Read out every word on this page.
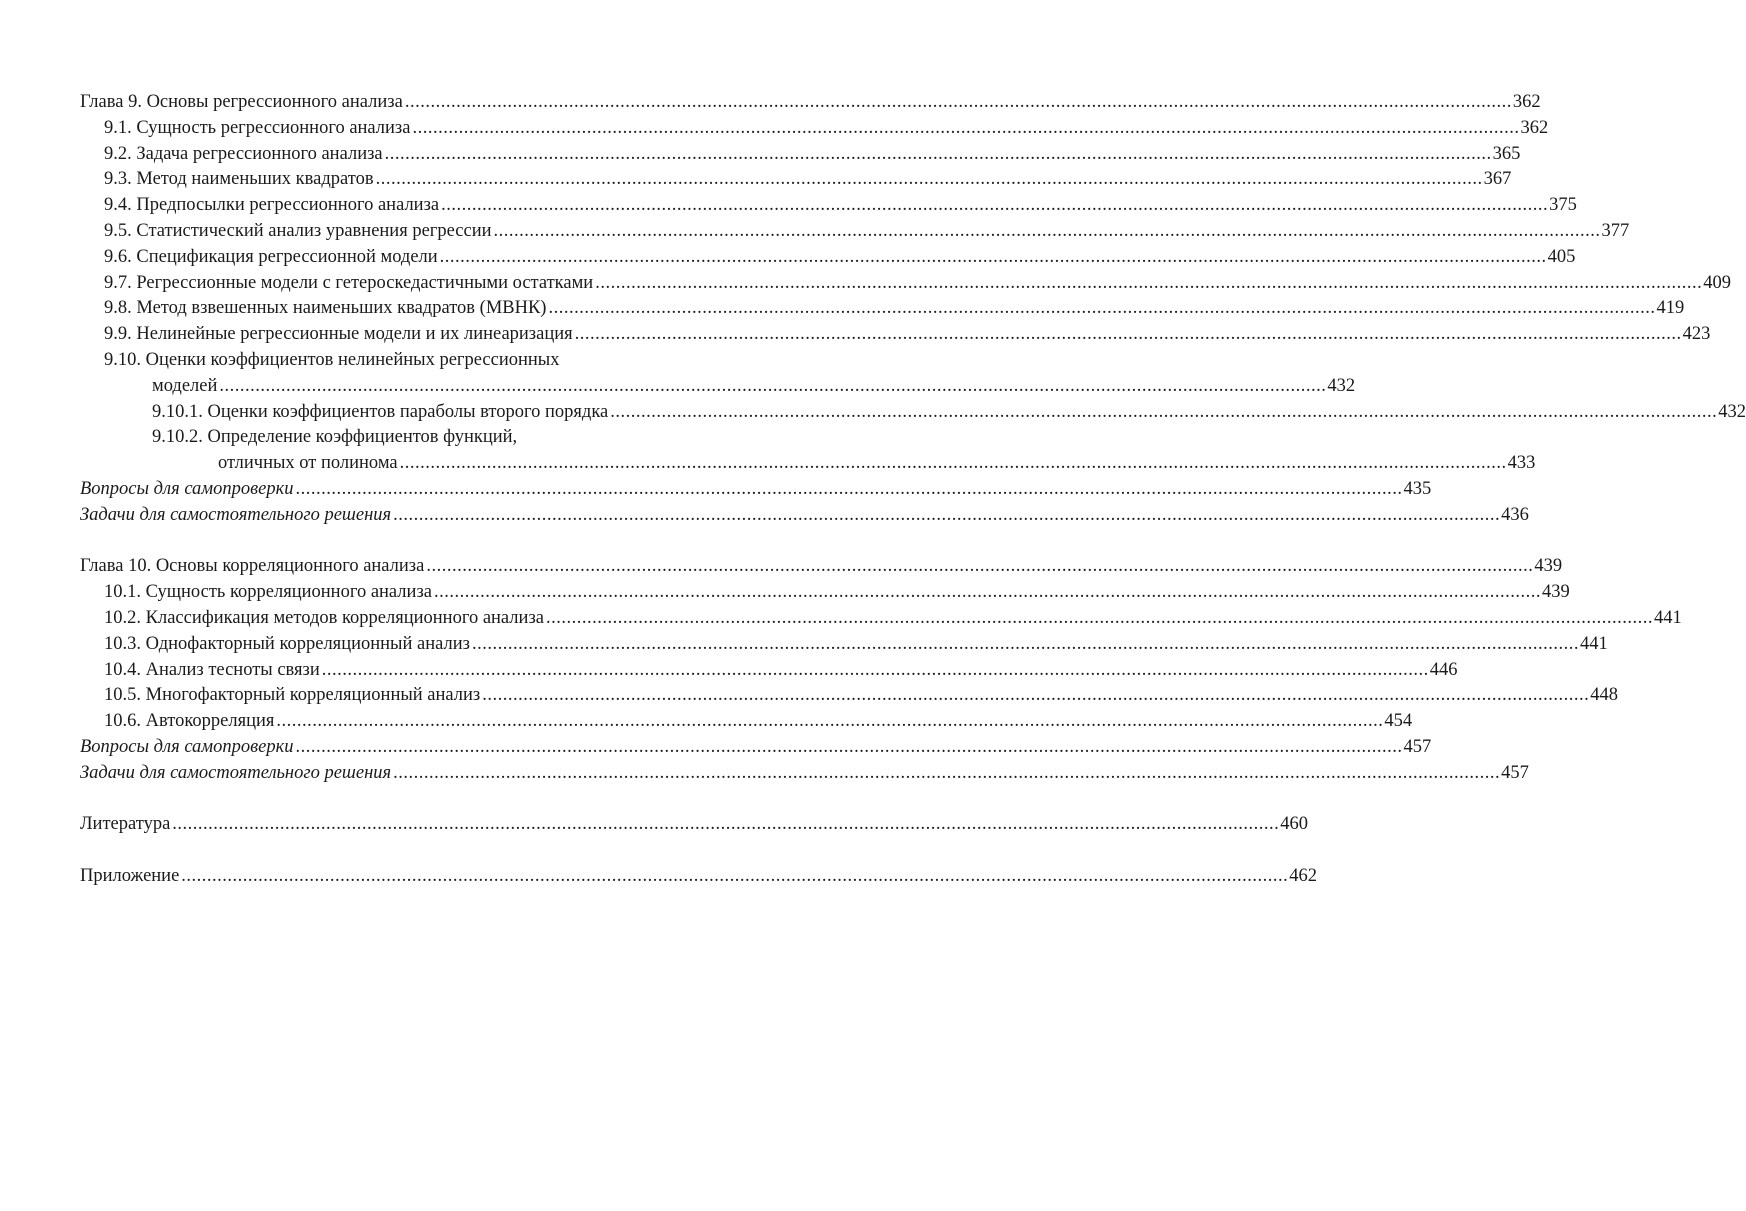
Глава 9. Основы регрессионного анализа .....	362
9.1. Сущность регрессионного анализа .....	362
9.2. Задача регрессионного анализа .....	365
9.3. Метод наименьших квадратов .....	367
9.4. Предпосылки регрессионного анализа .....	375
9.5. Статистический анализ уравнения регрессии .....	377
9.6. Спецификация регрессионной модели .....	405
9.7. Регрессионные модели с гетероскедастичными остатками .....	409
9.8. Метод взвешенных наименьших квадратов (МВНК) .....	419
9.9. Нелинейные регрессионные модели и их линеаризация .....	423
9.10. Оценки коэффициентов нелинейных регрессионных
моделей .....	432
9.10.1. Оценки коэффициентов параболы второго порядка .....	432
9.10.2. Определение коэффициентов функций,
отличных от полинома .....	433
Вопросы для самопроверки .....	435
Задачи для самостоятельного решения .....	436
Глава 10. Основы корреляционного анализа .....	439
10.1. Сущность корреляционного анализа .....	439
10.2. Классификация методов корреляционного анализа .....	441
10.3. Однофакторный корреляционный анализ .....	441
10.4. Анализ тесноты связи .....	446
10.5. Многофакторный корреляционный анализ .....	448
10.6. Автокорреляция .....	454
Вопросы для самопроверки .....	457
Задачи для самостоятельного решения .....	457
Литература .....	460
Приложение .....	462
